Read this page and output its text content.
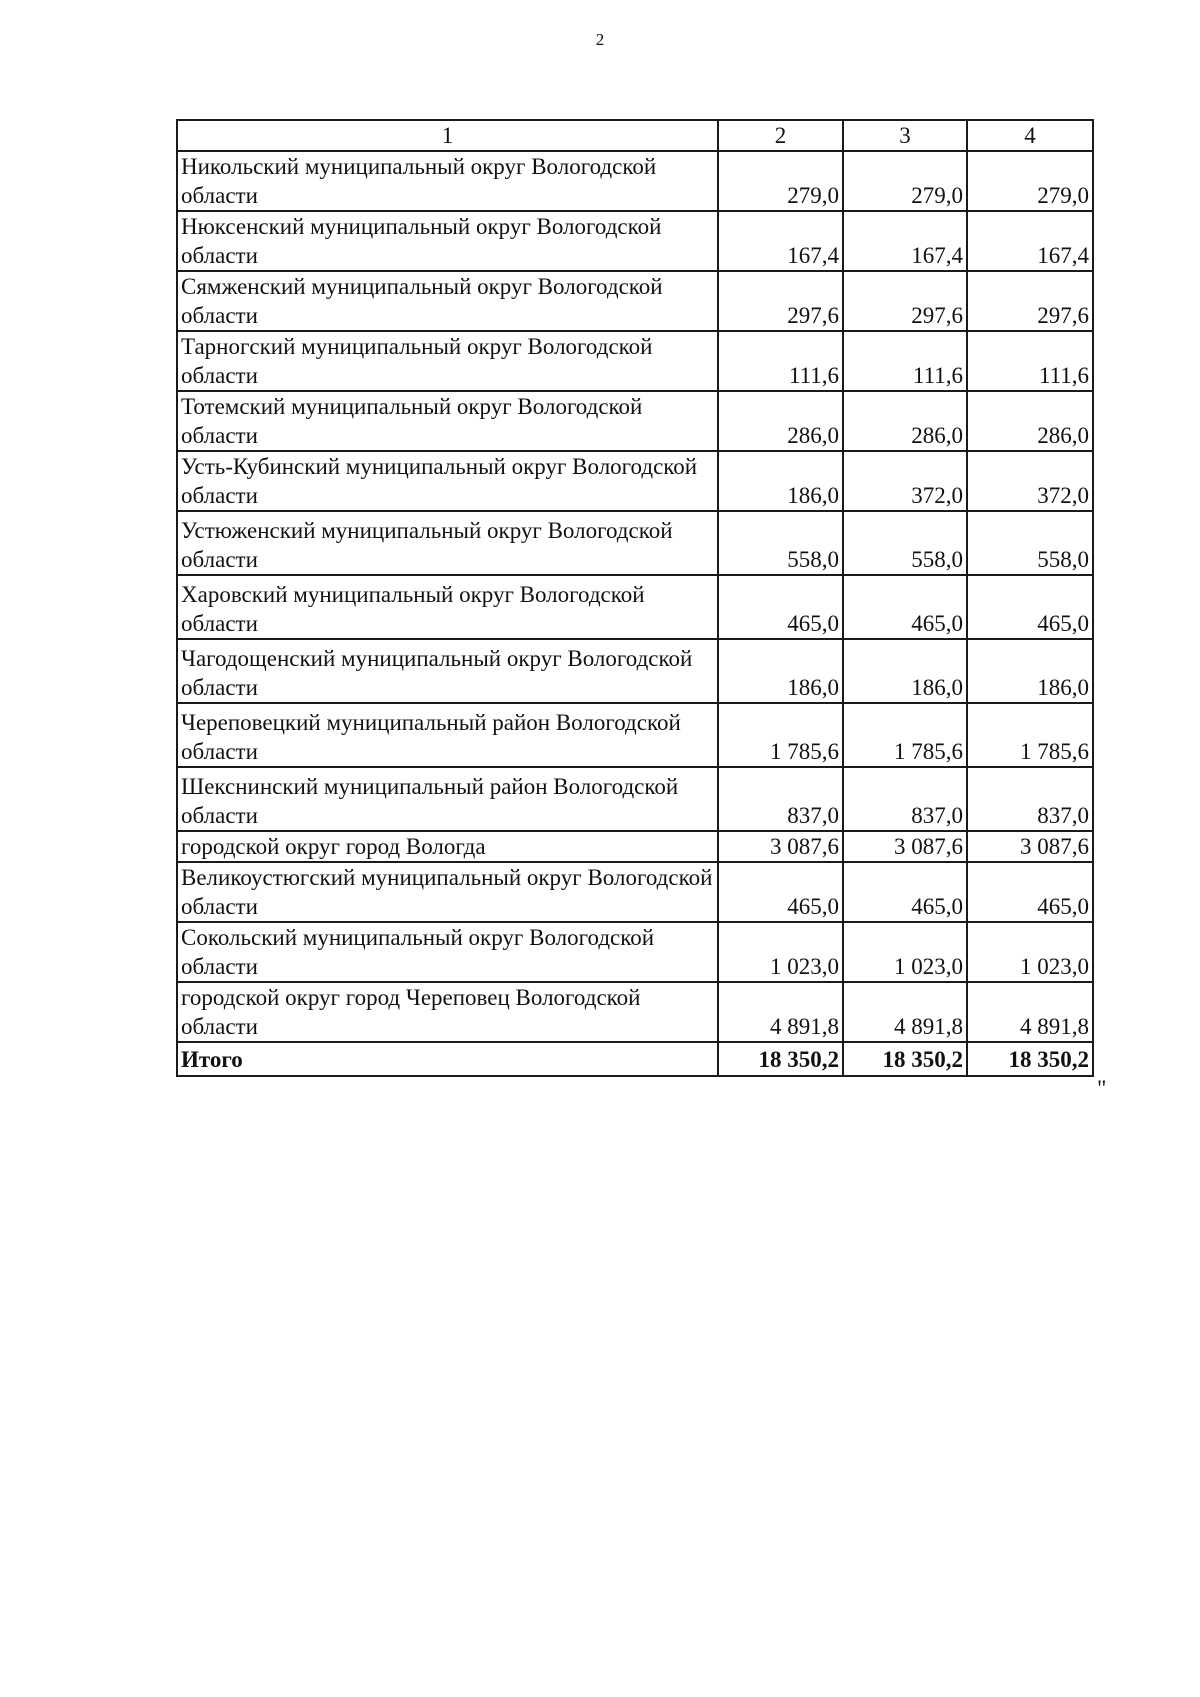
2
1	2	3	4
Никольский муниципальный округ Вологодской области	279,0	279,0	279,0
Нюксенский муниципальный округ Вологодской области	167,4	167,4	167,4
Сямженский муниципальный округ Вологодской области	297,6	297,6	297,6
Тарногский муниципальный округ Вологодской области	111,6	111,6	111,6
Тотемский муниципальный округ Вологодской области	286,0	286,0	286,0
Усть-Кубинский муниципальный округ Вологодской области	186,0	372,0	372,0
Устюженский муниципальный округ Вологодской области	558,0	558,0	558,0
Харовский муниципальный округ Вологодской области	465,0	465,0	465,0
Чагодощенский муниципальный округ Вологодской области	186,0	186,0	186,0
Череповецкий муниципальный район Вологодской области	1 785,6	1 785,6	1 785,6
Шекснинский муниципальный район Вологодской области	837,0	837,0	837,0
городской округ город Вологда	3 087,6	3 087,6	3 087,6
Великоустюгский муниципальный округ Вологодской области	465,0	465,0	465,0
Сокольский муниципальный округ Вологодской области	1 023,0	1 023,0	1 023,0
городской округ город Череповец Вологодской области	4 891,8	4 891,8	4 891,8
Итого	18 350,2	18 350,2	18 350,2
"
